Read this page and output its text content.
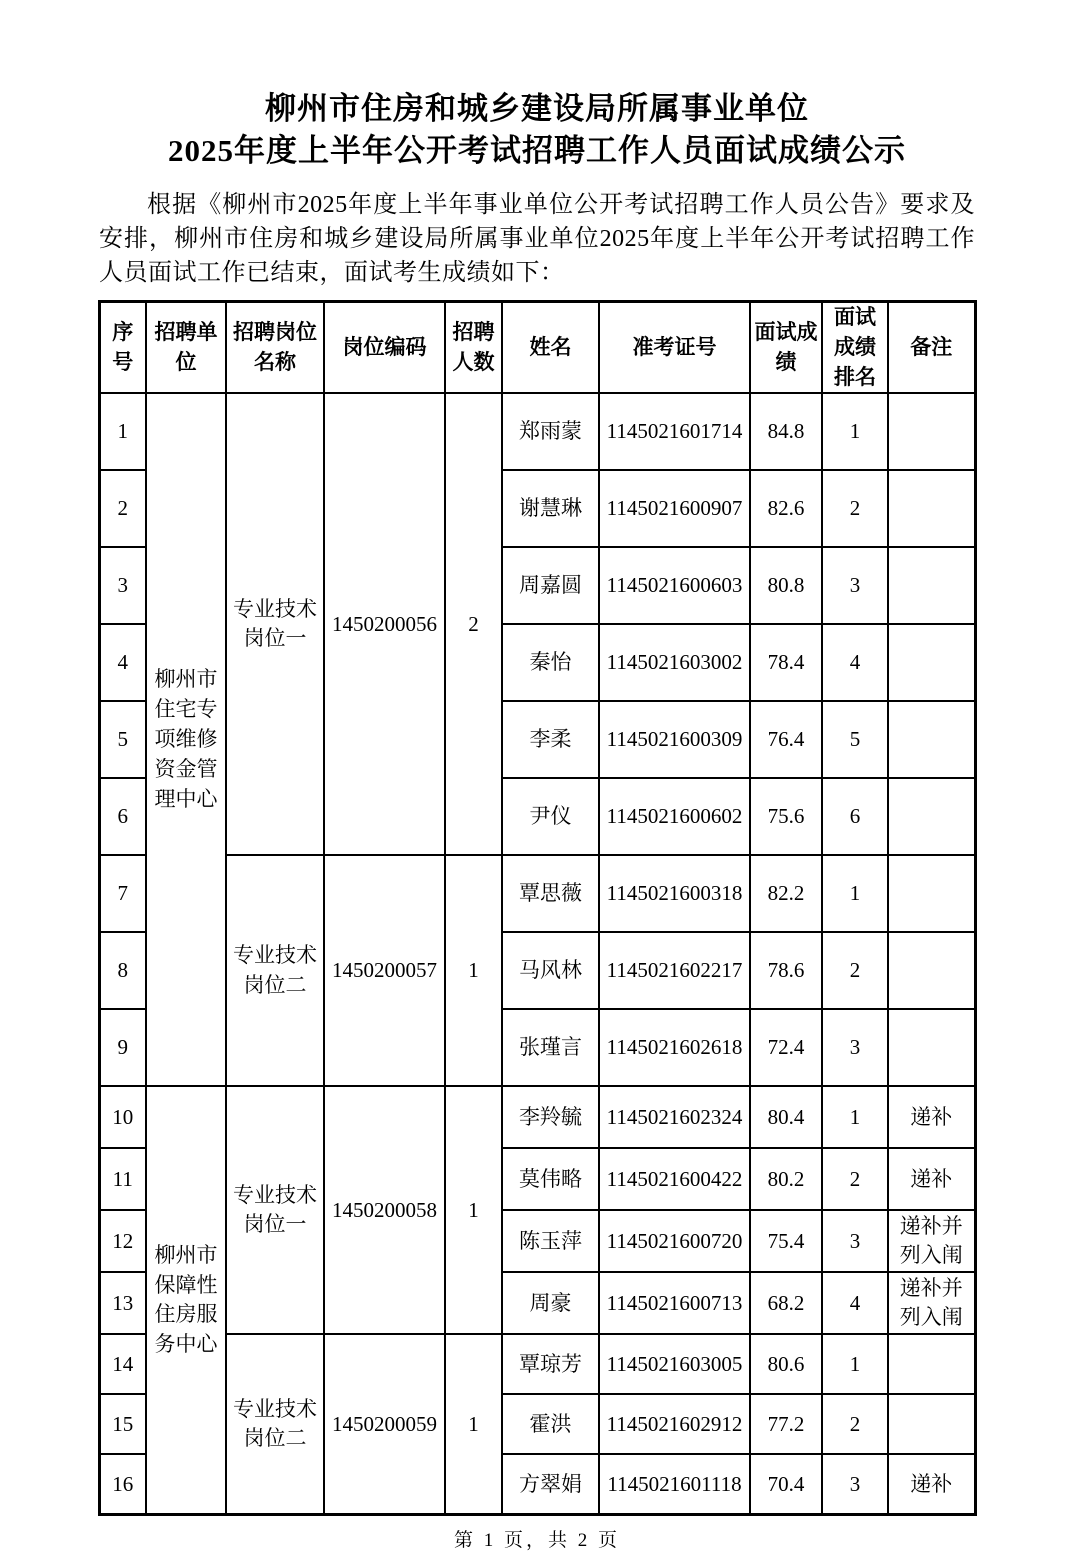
柳州市住房和城乡建设局所属事业单位
2025年度上半年公开考试招聘工作人员面试成绩公示

根据《柳州市2025年度上半年事业单位公开考试招聘工作人员公告》要求及安排，柳州市住房和城乡建设局所属事业单位2025年度上半年公开考试招聘工作人员面试工作已结束，面试考生成绩如下：

序号	招聘单位	招聘岗位名称	岗位编码	招聘人数	姓名	准考证号	面试成绩	面试成绩排名	备注
1	柳州市住宅专项维修资金管理中心	专业技术岗位一	1450200056	2	郑雨蒙	1145021601714	84.8	1	
2					谢慧琳	1145021600907	82.6	2	
3					周嘉圆	1145021600603	80.8	3	
4					秦怡	1145021603002	78.4	4	
5					李柔	1145021600309	76.4	5	
6					尹仪	1145021600602	75.6	6	
7		专业技术岗位二	1450200057	1	覃思薇	1145021600318	82.2	1	
8					马风林	1145021602217	78.6	2	
9					张瑾言	1145021602618	72.4	3	
10	柳州市保障性住房服务中心	专业技术岗位一	1450200058	1	李羚毓	1145021602324	80.4	1	递补
11					莫伟略	1145021600422	80.2	2	递补
12					陈玉萍	1145021600720	75.4	3	递补并列入闱
13					周豪	1145021600713	68.2	4	递补并列入闱
14		专业技术岗位二	1450200059	1	覃琼芳	1145021603005	80.6	1	
15					霍洪	1145021602912	77.2	2	
16					方翠娟	1145021601118	70.4	3	递补
第 1 页，共 2 页
